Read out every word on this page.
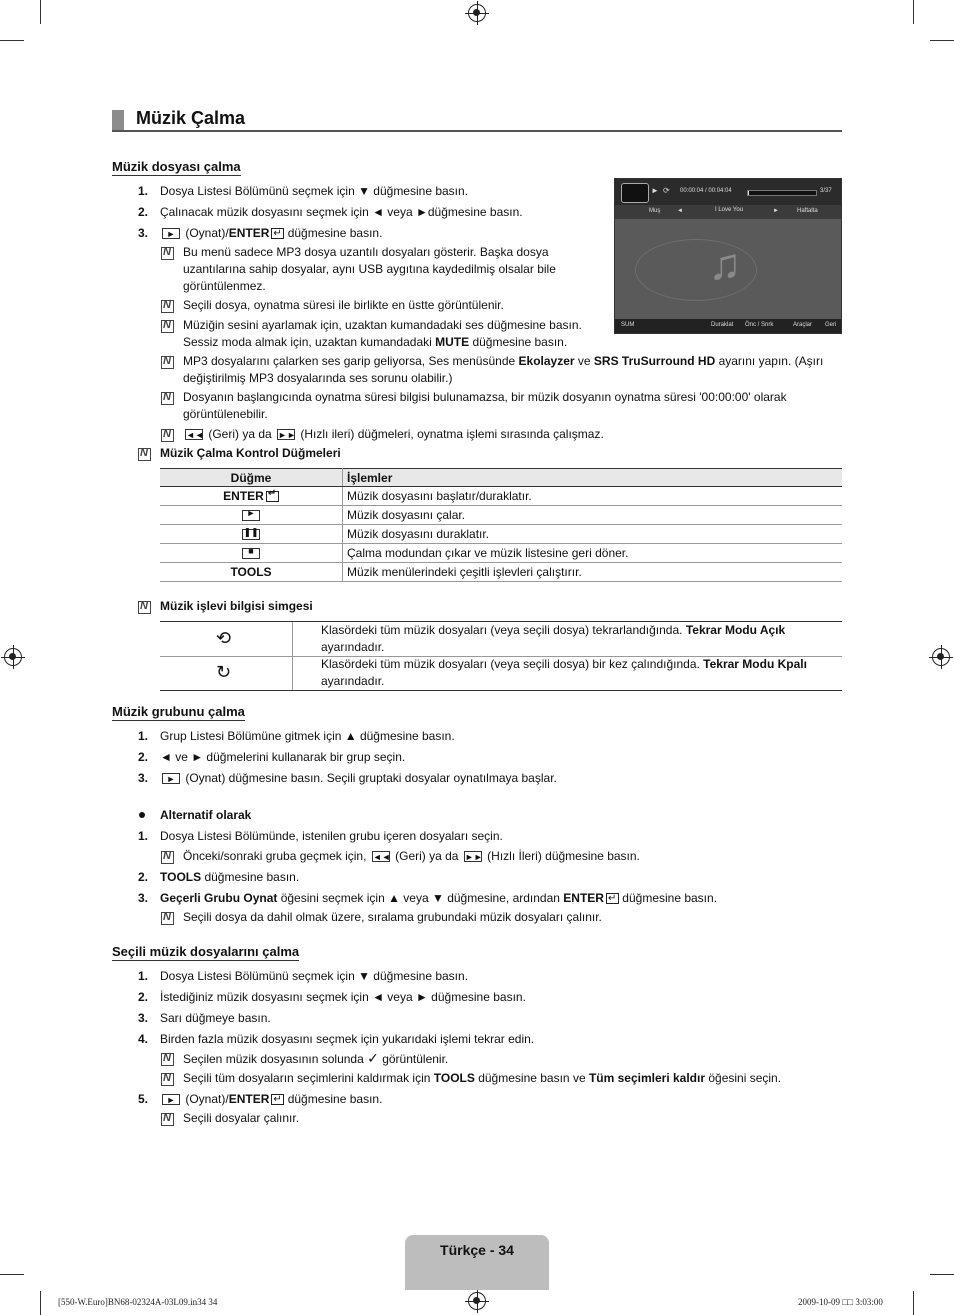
Müzik Çalma
► ⟳ 00:00:04 / 00:04:04	3/37
Muş	◄	I Love You	►	Haftalta
♫
SUM	Duraklat Önc / Snrk	Araçlar Geri
Müzik dosyası çalma
1. Dosya Listesi Bölümünü seçmek için ▼ düğmesine basın.
2. Çalınacak müzik dosyasını seçmek için ◄ veya ►düğmesine basın.
3.	► (Oynat)/ENTER ↵ düğmesine basın.
N
Bu menü sadece MP3 dosya uzantılı dosyaları gösterir. Başka dosya
uzantılarına sahip dosyalar, aynı USB aygıtına kaydedilmiş olsalar bile
görüntülenmez.
N
Seçili dosya, oynatma süresi ile birlikte en üstte görüntülenir.
N
Müziğin sesini ayarlamak için, uzaktan kumandadaki ses düğmesine basın.
Sessiz moda almak için, uzaktan kumandadaki MUTE düğmesine basın.
N
MP3 dosyalarını çalarken ses garip geliyorsa, Ses menüsünde Ekolayzer ve SRS TruSurround HD ayarını yapın. (Aşırı
değiştirilmiş MP3 dosyalarında ses sorunu olabilir.)
N
Dosyanın başlangıcında oynatma süresi bilgisi bulunamazsa, bir müzik dosyanın oynatma süresi '00:00:00' olarak
görüntülenebilir.
N
◄◄ (Geri) ya da ►► (Hızlı ileri) düğmeleri, oynatma işlemi sırasında çalışmaz.
N
Müzik Çalma Kontrol Düğmeleri
Düğme	İşlemler
ENTER↵	Müzik dosyasını başlatır/duraklatır.

►	Müzik dosyasını çalar.

❚❚	Müzik dosyasını duraklatır.

■	Çalma modundan çıkar ve müzik listesine geri döner.
TOOLS	Müzik menülerindeki çeşitli işlevleri çalıştırır.
N
Müzik işlevi bilgisi simgesi
⟲	Klasördeki tüm müzik dosyaları (veya seçili dosya) tekrarlandığında. Tekrar Modu Açık
ayarındadır.
↻	Klasördeki tüm müzik dosyaları (veya seçili dosya) bir kez çalındığında. Tekrar Modu Kpalı
ayarındadır.
Müzik grubunu çalma
1. Grup Listesi Bölümüne gitmek için ▲ düğmesine basın.
2. ◄ ve ► düğmelerini kullanarak bir grup seçin.
3.	► (Oynat) düğmesine basın. Seçili gruptaki dosyalar oynatılmaya başlar.
Alternatif olarak
1. Dosya Listesi Bölümünde, istenilen grubu içeren dosyaları seçin.
N
Önceki/sonraki gruba geçmek için, ◄◄ (Geri) ya da ►► (Hızlı İleri) düğmesine basın.
2. TOOLS düğmesine basın.
3. Geçerli Grubu Oynat öğesini seçmek için ▲ veya ▼ düğmesine, ardından ENTER ↵ düğmesine basın.
N
Seçili dosya da dahil olmak üzere, sıralama grubundaki müzik dosyaları çalınır.
Seçili müzik dosyalarını çalma
1. Dosya Listesi Bölümünü seçmek için ▼ düğmesine basın.
2. İstediğiniz müzik dosyasını seçmek için ◄ veya ► düğmesine basın.
3. Sarı düğmeye basın.
4. Birden fazla müzik dosyasını seçmek için yukarıdaki işlemi tekrar edin.
N
Seçilen müzik dosyasının solunda ✓ görüntülenir.
N
Seçili tüm dosyaların seçimlerini kaldırmak için TOOLS düğmesine basın ve Tüm seçimleri kaldır öğesini seçin.
5.	► (Oynat)/ENTER ↵ düğmesine basın.
N
Seçili dosyalar çalınır.
Türkçe - 34
[550-W.Euro]BN68-02324A-03L09.in34 34	2009-10-09 □□ 3:03:00
